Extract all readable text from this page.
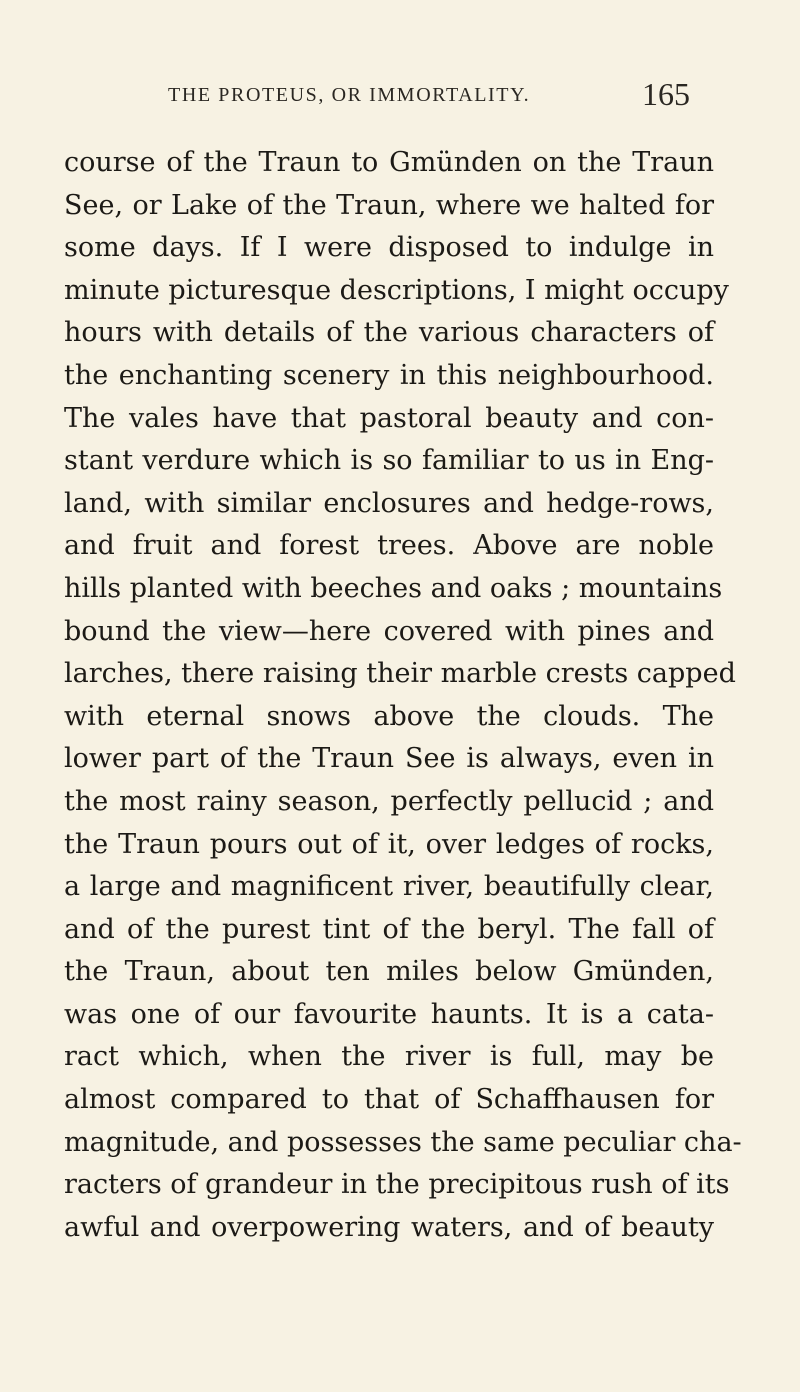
THE PROTEUS, OR IMMORTALITY.	165
course of the Traun to Gmünden on the Traun
See, or Lake of the Traun, where we halted for
some days. If I were disposed to indulge in
minute picturesque descriptions, I might occupy
hours with details of the various characters of
the enchanting scenery in this neighbourhood.
The vales have that pastoral beauty and con-
stant verdure which is so familiar to us in Eng-
land, with similar enclosures and hedge-rows,
and fruit and forest trees. Above are noble
hills planted with beeches and oaks ; mountains
bound the view—here covered with pines and
larches, there raising their marble crests capped
with eternal snows above the clouds. The
lower part of the Traun See is always, even in
the most rainy season, perfectly pellucid ; and
the Traun pours out of it, over ledges of rocks,
a large and magnificent river, beautifully clear,
and of the purest tint of the beryl. The fall of
the Traun, about ten miles below Gmünden,
was one of our favourite haunts. It is a cata-
ract which, when the river is full, may be
almost compared to that of Schaffhausen for
magnitude, and possesses the same peculiar cha-
racters of grandeur in the precipitous rush of its
awful and overpowering waters, and of beauty
